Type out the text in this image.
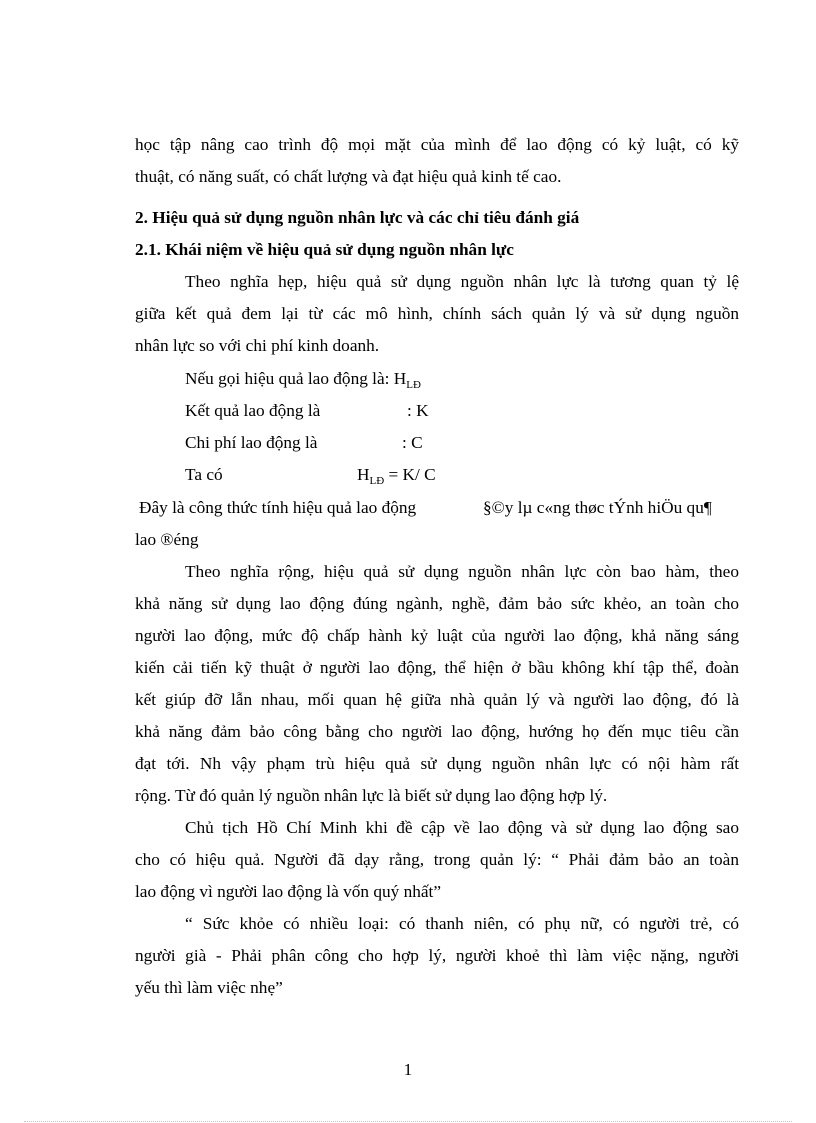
học tập nâng cao trình độ mọi mặt của mình để lao động có kỷ luật, có kỹ
thuật, có năng suất, có chất lượng và đạt hiệu quả kinh tế cao.
2. Hiệu quả sử dụng nguồn nhân lực và các chỉ tiêu đánh giá
2.1. Khái niệm về hiệu quả sử dụng nguồn nhân lực
Theo nghĩa hẹp, hiệu quả sử dụng nguồn nhân lực là tương quan tỷ lệ
giữa kết quả đem lại từ các mô hình, chính sách quản lý và sử dụng nguồn
nhân lực so với chi phí kinh doanh.
Nếu gọi hiệu quả lao động là: $H_{LĐ}$
Kết quả lao động là	: K
Chi phí lao động là	: C
Ta có	$H_{LĐ} = K/$ C
Đây là công thức tính hiệu quả lao động	§©y lµ c«ng thøc tÝnh hiÖu qu¶
lao ®éng
Theo nghĩa rộng, hiệu quả sử dụng nguồn nhân lực còn bao hàm, theo
khả năng sử dụng lao động đúng ngành, nghề, đảm bảo sức khẻo, an toàn cho
người lao động, mức độ chấp hành kỷ luật của người lao động, khả năng sáng
kiến cải tiến kỹ thuật ở người lao động, thể hiện ở bầu không khí tập thể, đoàn
kết giúp đỡ lẫn nhau, mối quan hệ giữa nhà quản lý và người lao động, đó là
khả năng đảm bảo công bằng cho người lao động, hướng họ đến mục tiêu cần
đạt tới. Nh vậy phạm trù hiệu quả sử dụng nguồn nhân lực có nội hàm rất
rộng. Từ đó quản lý nguồn nhân lực là biết sử dụng lao động hợp lý.
Chủ tịch Hồ Chí Minh khi đề cập về lao động và sử dụng lao động sao
cho có hiệu quả. Người đã dạy rằng, trong quản lý: “ Phải đảm bảo an toàn
lao động vì người lao động là vốn quý nhất”
“ Sức khỏe có nhiều loại: có thanh niên, có phụ nữ, có người trẻ, có
người già - Phải phân công cho hợp lý, người khoẻ thì làm việc nặng, người
yếu thì làm việc nhẹ”
1
